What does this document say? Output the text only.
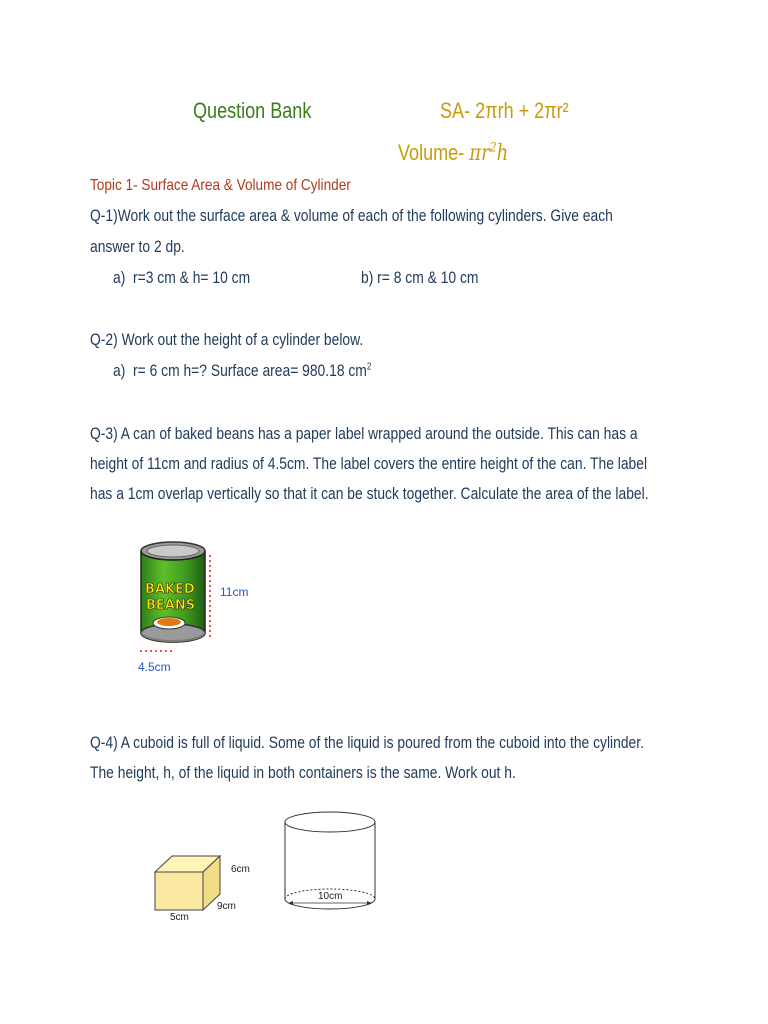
Question Bank	SA- 2πrh + 2πr²
Volume- $\pi r^2h$
Topic 1- Surface Area & Volume of Cylinder
Q-1)Work out the surface area & volume of each of the following cylinders. Give each
answer to 2 dp.
a) r=3 cm & h= 10 cm	b) r= 8 cm & 10 cm
Q-2) Work out the height of a cylinder below.
a) r= 6 cm h=? Surface area= 980.18 $cm^2$
Q-3) A can of baked beans has a paper label wrapped around the outside. This can has a
height of 11cm and radius of 4.5cm. The label covers the entire height of the can. The label
has a 1cm overlap vertically so that it can be stuck together. Calculate the area of the label.
BAKED
BEANS
11cm
4.5cm
Q-4) A cuboid is full of liquid. Some of the liquid is poured from the cuboid into the cylinder.
The height, h, of the liquid in both containers is the same. Work out h.
6cm
9cm
5cm
10cm
